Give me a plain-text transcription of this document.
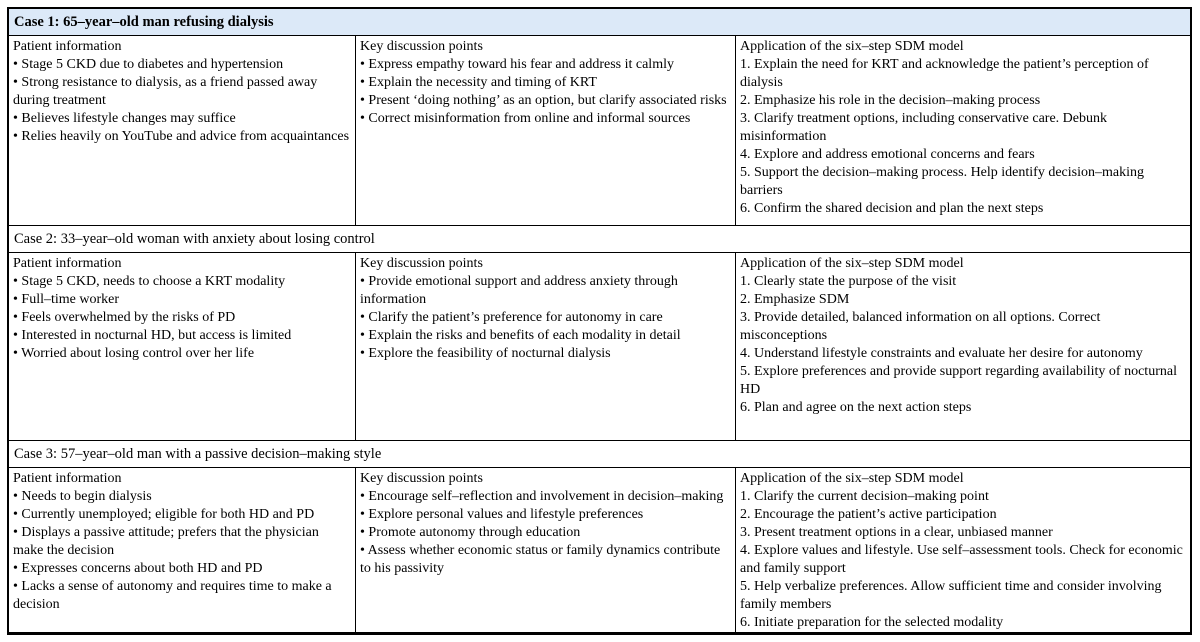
Case 1: 65–year–old man refusing dialysis
Patient information
• Stage 5 CKD due to diabetes and hypertension
• Strong resistance to dialysis, as a friend passed away during treatment
• Believes lifestyle changes may suffice
• Relies heavily on YouTube and advice from acquaintances
Key discussion points
• Express empathy toward his fear and address it calmly
• Explain the necessity and timing of KRT
• Present ‘doing nothing’ as an option, but clarify associated risks
• Correct misinformation from online and informal sources
Application of the six–step SDM model
1. Explain the need for KRT and acknowledge the patient’s perception of dialysis
2. Emphasize his role in the decision–making process
3. Clarify treatment options, including conservative care. Debunk misinformation
4. Explore and address emotional concerns and fears
5. Support the decision–making process. Help identify decision–making barriers
6. Confirm the shared decision and plan the next steps
Case 2: 33–year–old woman with anxiety about losing control
Patient information
• Stage 5 CKD, needs to choose a KRT modality
• Full–time worker
• Feels overwhelmed by the risks of PD
• Interested in nocturnal HD, but access is limited
• Worried about losing control over her life
Key discussion points
• Provide emotional support and address anxiety through information
• Clarify the patient’s preference for autonomy in care
• Explain the risks and benefits of each modality in detail
• Explore the feasibility of nocturnal dialysis
Application of the six–step SDM model
1. Clearly state the purpose of the visit
2. Emphasize SDM
3. Provide detailed, balanced information on all options. Correct misconceptions
4. Understand lifestyle constraints and evaluate her desire for autonomy
5. Explore preferences and provide support regarding availability of nocturnal HD
6. Plan and agree on the next action steps
Case 3: 57–year–old man with a passive decision–making style
Patient information
• Needs to begin dialysis
• Currently unemployed; eligible for both HD and PD
• Displays a passive attitude; prefers that the physician make the decision
• Expresses concerns about both HD and PD
• Lacks a sense of autonomy and requires time to make a decision
Key discussion points
• Encourage self–reflection and involvement in decision–making
• Explore personal values and lifestyle preferences
• Promote autonomy through education
• Assess whether economic status or family dynamics contribute to his passivity
Application of the six–step SDM model
1. Clarify the current decision–making point
2. Encourage the patient’s active participation
3. Present treatment options in a clear, unbiased manner
4. Explore values and lifestyle. Use self–assessment tools. Check for economic and family support
5. Help verbalize preferences. Allow sufficient time and consider involving family members
6. Initiate preparation for the selected modality
